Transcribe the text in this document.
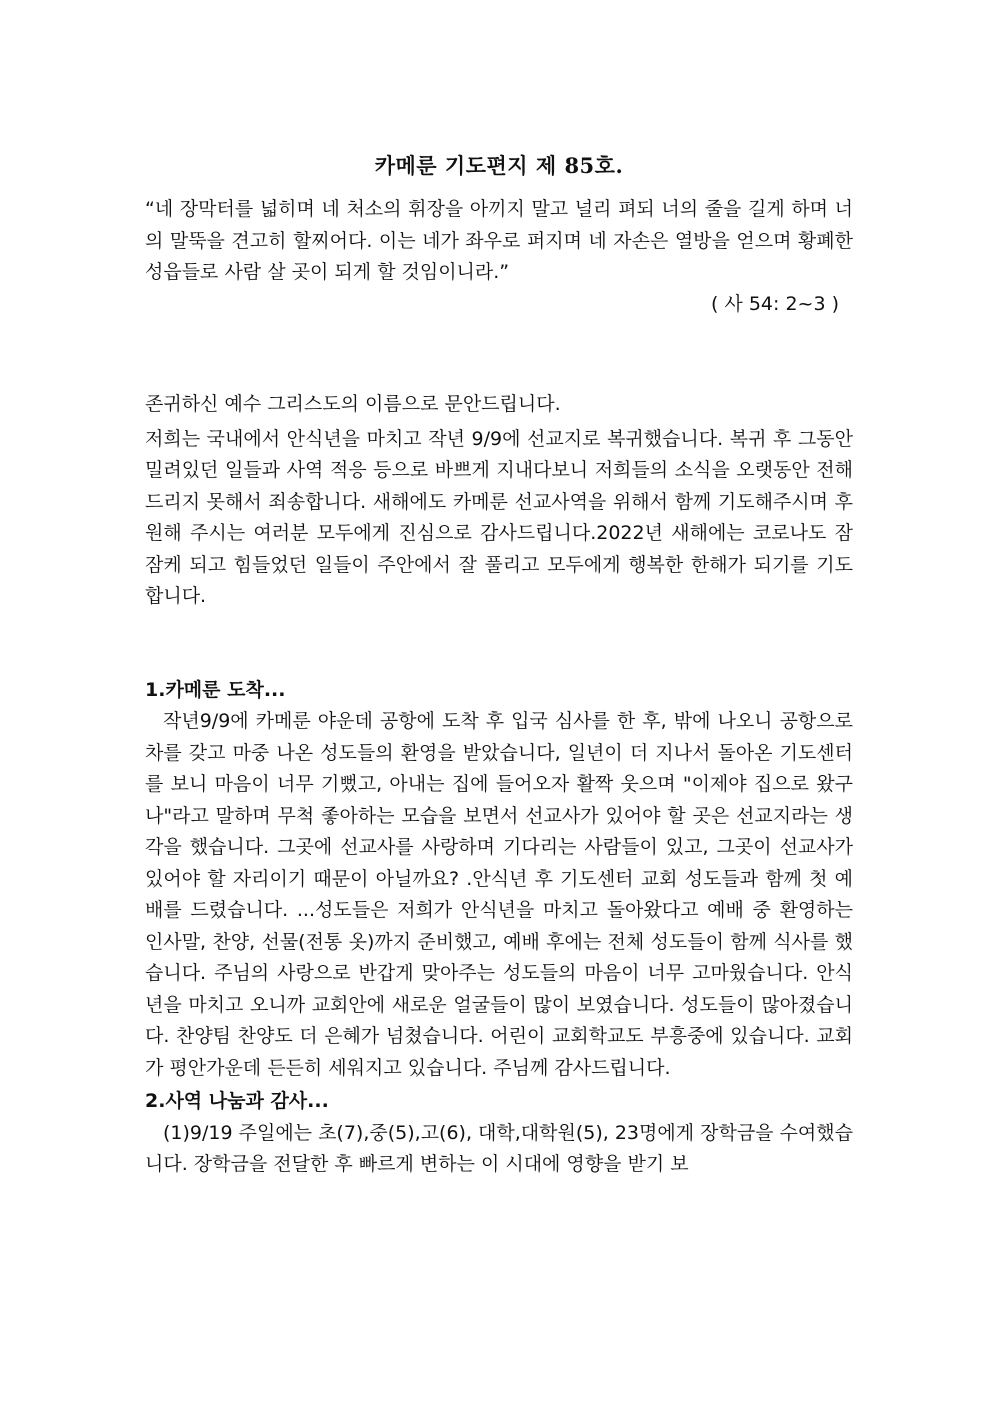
카메룬 기도편지 제 85호.

“네 장막터를 넓히며 네 처소의 휘장을 아끼지 말고 널리 펴되 너의 줄을 길게 하며 너의 말뚝을 견고히 할찌어다. 이는 네가 좌우로 퍼지며 네 자손은 열방을 얻으며 황폐한 성읍들로 사람 살 곳이 되게 할 것임이니라.”

( 사 54: 2~3 )

존귀하신 예수 그리스도의 이름으로 문안드립니다.

저희는 국내에서 안식년을 마치고 작년 9/9에 선교지로 복귀했습니다. 복귀 후 그동안 밀려있던 일들과 사역 적응 등으로 바쁘게 지내다보니 저희들의 소식을 오랫동안 전해드리지 못해서 죄송합니다. 새해에도 카메룬 선교사역을 위해서 함께 기도해주시며 후원해 주시는 여러분 모두에게 진심으로 감사드립니다.2022년 새해에는 코로나도 잠잠케 되고 힘들었던 일들이 주안에서 잘 풀리고 모두에게 행복한 한해가 되기를 기도합니다.

1.카메룬 도착...

작년9/9에 카메룬 야운데 공항에 도착 후 입국 심사를 한 후, 밖에 나오니 공항으로 차를 갖고 마중 나온 성도들의 환영을 받았습니다, 일년이 더 지나서 돌아온 기도센터를 보니 마음이 너무 기뻤고, 아내는 집에 들어오자 활짝 웃으며 "이제야 집으로 왔구나"라고 말하며 무척 좋아하는 모습을 보면서 선교사가 있어야 할 곳은 선교지라는 생각을 했습니다. 그곳에 선교사를 사랑하며 기다리는 사람들이 있고, 그곳이 선교사가 있어야 할 자리이기 때문이 아닐까요? .안식년 후 기도센터 교회 성도들과 함께 첫 예배를 드렸습니다. ...성도들은 저희가 안식년을 마치고 돌아왔다고 예배 중 환영하는 인사말, 찬양, 선물(전통 옷)까지 준비했고, 예배 후에는 전체 성도들이 함께 식사를 했습니다. 주님의 사랑으로 반갑게 맞아주는 성도들의 마음이 너무 고마웠습니다. 안식년을 마치고 오니까 교회안에 새로운 얼굴들이 많이 보였습니다. 성도들이 많아졌습니다. 찬양팀 찬양도 더 은혜가 넘쳤습니다. 어린이 교회학교도 부흥중에 있습니다. 교회가 평안가운데 든든히 세워지고 있습니다. 주님께 감사드립니다.

2.사역 나눔과 감사...

(1)9/19 주일에는 초(7),중(5),고(6), 대학,대학원(5), 23명에게 장학금을 수여했습니다. 장학금을 전달한 후 빠르게 변하는 이 시대에 영향을 받기 보
